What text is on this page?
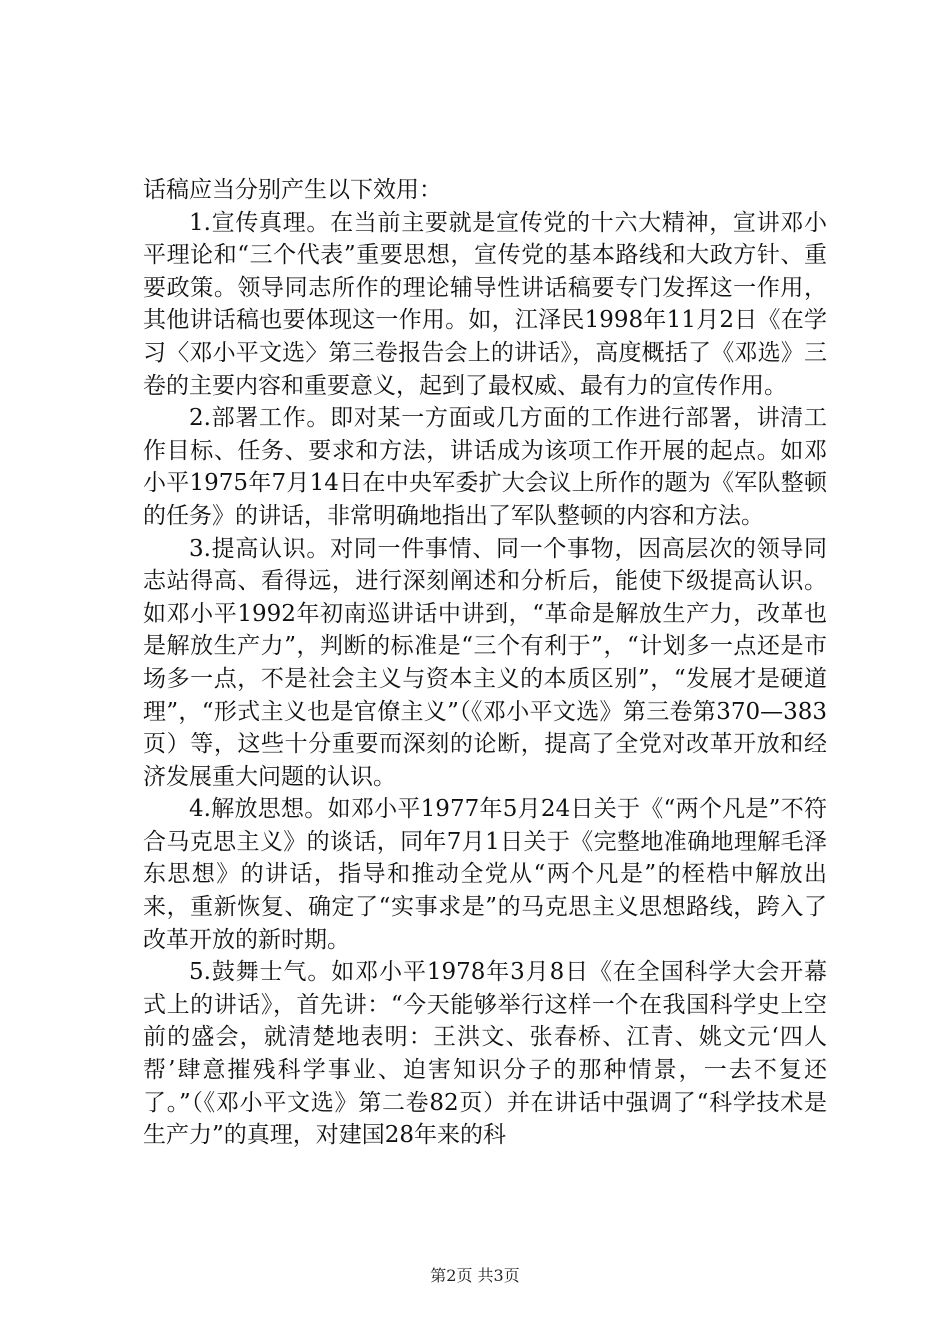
话稿应当分别产生以下效用：

1.宣传真理。在当前主要就是宣传党的十六大精神，宣讲邓小平理论和“三个代表”重要思想，宣传党的基本路线和大政方针、重要政策。领导同志所作的理论辅导性讲话稿要专门发挥这一作用，其他讲话稿也要体现这一作用。如，江泽民1998年11月2日《在学习〈邓小平文选〉第三卷报告会上的讲话》，高度概括了《邓选》三卷的主要内容和重要意义，起到了最权威、最有力的宣传作用。

2.部署工作。即对某一方面或几方面的工作进行部署，讲清工作目标、任务、要求和方法，讲话成为该项工作开展的起点。如邓小平1975年7月14日在中央军委扩大会议上所作的题为《军队整顿的任务》的讲话，非常明确地指出了军队整顿的内容和方法。

3.提高认识。对同一件事情、同一个事物，因高层次的领导同志站得高、看得远，进行深刻阐述和分析后，能使下级提高认识。如邓小平1992年初南巡讲话中讲到，“革命是解放生产力，改革也是解放生产力”，判断的标准是“三个有利于”，“计划多一点还是市场多一点，不是社会主义与资本主义的本质区别”，“发展才是硬道理”，“形式主义也是官僚主义”（《邓小平文选》第三卷第370—383页）等，这些十分重要而深刻的论断，提高了全党对改革开放和经济发展重大问题的认识。

4.解放思想。如邓小平1977年5月24日关于《“两个凡是”不符合马克思主义》的谈话，同年7月1日关于《完整地准确地理解毛泽东思想》的讲话，指导和推动全党从“两个凡是”的桎梏中解放出来，重新恢复、确定了“实事求是”的马克思主义思想路线，跨入了改革开放的新时期。

5.鼓舞士气。如邓小平1978年3月8日《在全国科学大会开幕式上的讲话》，首先讲：“今天能够举行这样一个在我国科学史上空前的盛会，就清楚地表明：王洪文、张春桥、江青、姚文元‘四人帮’肆意摧残科学事业、迫害知识分子的那种情景，一去不复还了。”（《邓小平文选》第二卷82页）并在讲话中强调了“科学技术是生产力”的真理，对建国28年来的科

第2页 共3页
